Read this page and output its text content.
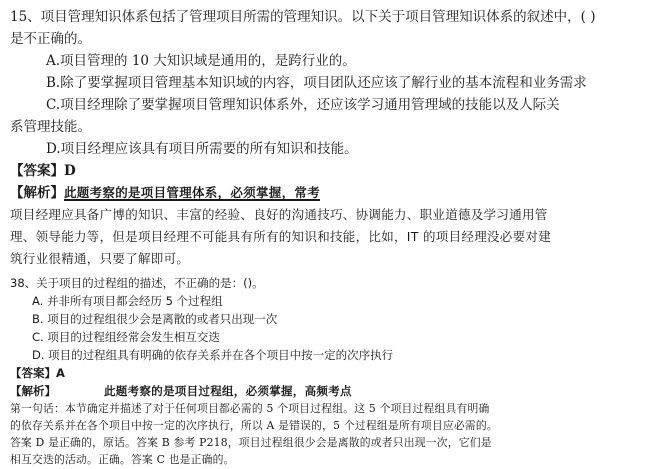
15、项目管理知识体系包括了管理项目所需的管理知识。以下关于项目管理知识体系的叙述中，( )
是不正确的。
A.项目管理的 10 大知识域是通用的，是跨行业的。
B.除了要掌握项目管理基本知识域的内容，项目团队还应该了解行业的基本流程和业务需求
C.项目经理除了要掌握项目管理知识体系外，还应该学习通用管理域的技能以及人际关
系管理技能。
D.项目经理应该具有项目所需要的所有知识和技能。
【答案】D
【解析】此题考察的是项目管理体系，必须掌握，常考
项目经理应具备广博的知识、丰富的经验、良好的沟通技巧、协调能力、职业道德及学习通用管
理、领导能力等，但是项目经理不可能具有所有的知识和技能，比如，IT 的项目经理没必要对建
筑行业很精通，只要了解即可。
38、关于项目的过程组的描述，不正确的是：()。
A. 并非所有项目都会经历 5 个过程组
B. 项目的过程组很少会是离散的或者只出现一次
C. 项目的过程组经常会发生相互交迭
D. 项目的过程组具有明确的依存关系并在各个项目中按一定的次序执行
【答案】A
【解析】	此题考察的是项目过程组，必须掌握，高频考点
第一句话：本节确定并描述了对于任何项目都必需的 5 个项目过程组。这 5 个项目过程组具有明确
的依存关系并在各个项目中按一定的次序执行，所以 A 是错误的，5 个过程组是所有项目应必需的。
答案 D 是正确的，原话。答案 B 参考 P218，项目过程组很少会是离散的或者只出现一次，它们是
相互交迭的活动。正确。答案 C 也是正确的。
